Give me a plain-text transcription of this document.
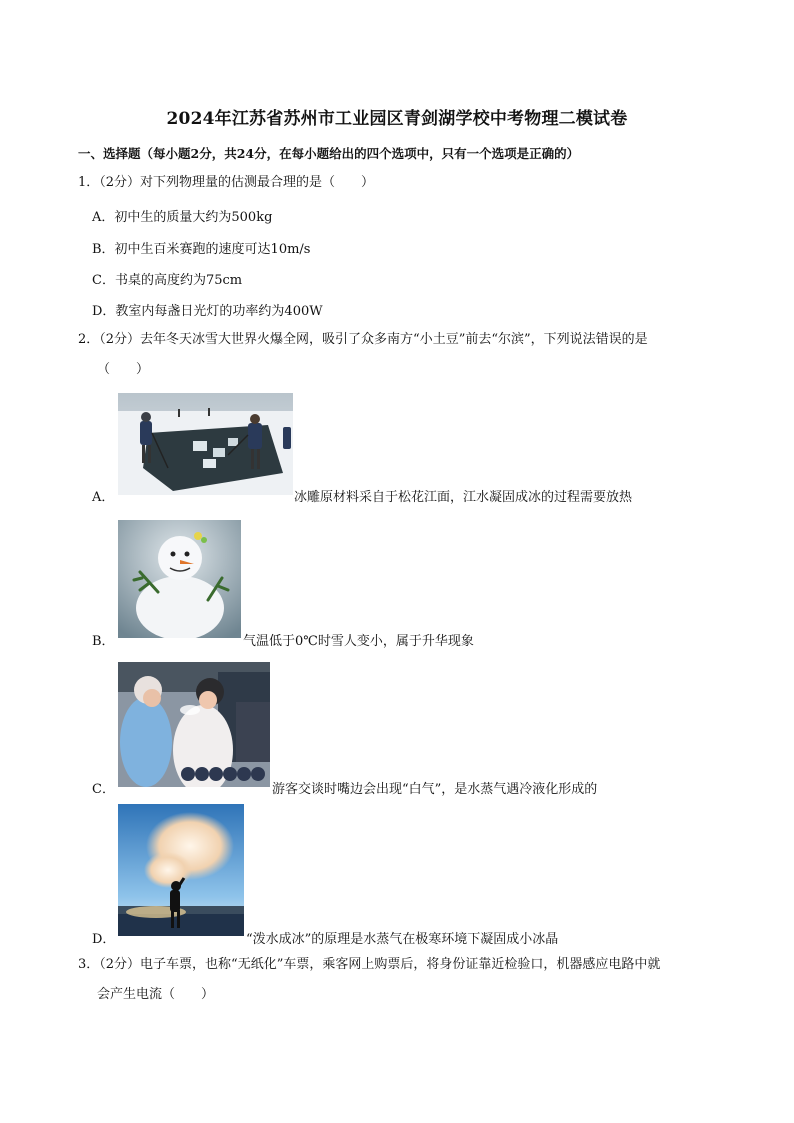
2024年江苏省苏州市工业园区青剑湖学校中考物理二模试卷
一、选择题（每小题2分，共24分，在每小题给出的四个选项中，只有一个选项是正确的）
1．（2分）对下列物理量的估测最合理的是（　　）
A．初中生的质量大约为500kg
B．初中生百米赛跑的速度可达10m/s
C．书桌的高度约为75cm
D．教室内每盏日光灯的功率约为400W
2．（2分）去年冬天冰雪大世界火爆全网，吸引了众多南方“小土豆”前去“尔滨”，下列说法错误的是
（　　）
A．	冰雕原材料采自于松花江面，江水凝固成冰的过程需要放热
B．	气温低于0℃时雪人变小，属于升华现象
C．	游客交谈时嘴边会出现“白气”，是水蒸气遇冷液化形成的
D．	“泼水成冰”的原理是水蒸气在极寒环境下凝固成小冰晶
3．（2分）电子车票，也称“无纸化”车票，乘客网上购票后，将身份证靠近检验口，机器感应电路中就
会产生电流（　　）
